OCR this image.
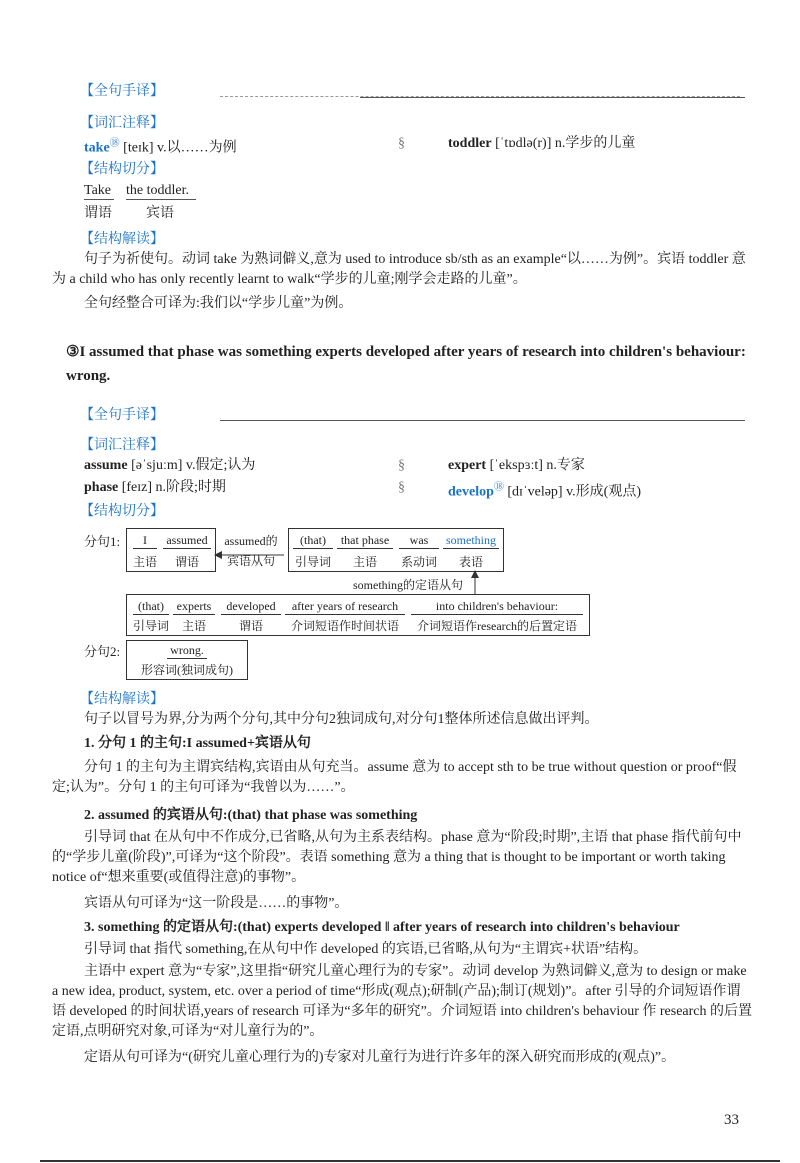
【全句手译】
【词汇注释】
take⑱ [teɪk] v.以……为例	§	toddler [ˈtɒdlə(r)] n.学步的儿童
【结构切分】
Take the toddler.
谓语 宾语
【结构解读】
句子为祈使句。动词 take 为熟词僻义,意为 used to introduce sb/sth as an example“以……为例”。宾语 toddler 意为 a child who has only recently learnt to walk“学步的儿童;刚学会走路的儿童”。
全句经整合可译为:我们以“学步儿童”为例。
③I assumed that phase was something experts developed after years of research into children's behaviour: wrong.
【全句手译】
【词汇注释】
assume [əˈsjuːm] v.假定;认为	§	expert [ˈekspɜːt] n.专家
phase [feɪz] n.阶段;时期	§	develop⑱ [dɪˈveləp] v.形成(观点)
【结构切分】
分句1:	I	assumed
主语	谓语
assumed的
宾语从句
(that)	that phase	was	something
引导词	主语	系动词	表语
something的定语从句
(that)	experts	developed	after years of research	into children's behaviour:
引导词	主语	谓语	介词短语作时间状语	介词短语作research的后置定语
分句2:	wrong.
形容词(独词成句)
【结构解读】
句子以冒号为界,分为两个分句,其中分句2独词成句,对分句1整体所述信息做出评判。
1. 分句 1 的主句:I assumed+宾语从句
分句 1 的主句为主谓宾结构,宾语由从句充当。assume 意为 to accept sth to be true without question or proof“假定;认为”。分句 1 的主句可译为“我曾以为……”。
2. assumed 的宾语从句:(that) that phase was something
引导词 that 在从句中不作成分,已省略,从句为主系表结构。phase 意为“阶段;时期”,主语 that phase 指代前句中的“学步儿童(阶段)”,可译为“这个阶段”。表语 something 意为 a thing that is thought to be important or worth taking notice of“想来重要(或值得注意)的事物”。
宾语从句可译为“这一阶段是……的事物”。
3. something 的定语从句:(that) experts developed ‖ after years of research into children's behaviour
引导词 that 指代 something,在从句中作 developed 的宾语,已省略,从句为“主谓宾+状语”结构。
主语中 expert 意为“专家”,这里指“研究儿童心理行为的专家”。动词 develop 为熟词僻义,意为 to design or make a new idea, product, system, etc. over a period of time“形成(观点);研制(产品);制订(规划)”。after 引导的介词短语作谓语 developed 的时间状语,years of research 可译为“多年的研究”。介词短语 into children's behaviour 作 research 的后置定语,点明研究对象,可译为“对儿童行为的”。
定语从句可译为“(研究儿童心理行为的)专家对儿童行为进行许多年的深入研究而形成的(观点)”。
33
